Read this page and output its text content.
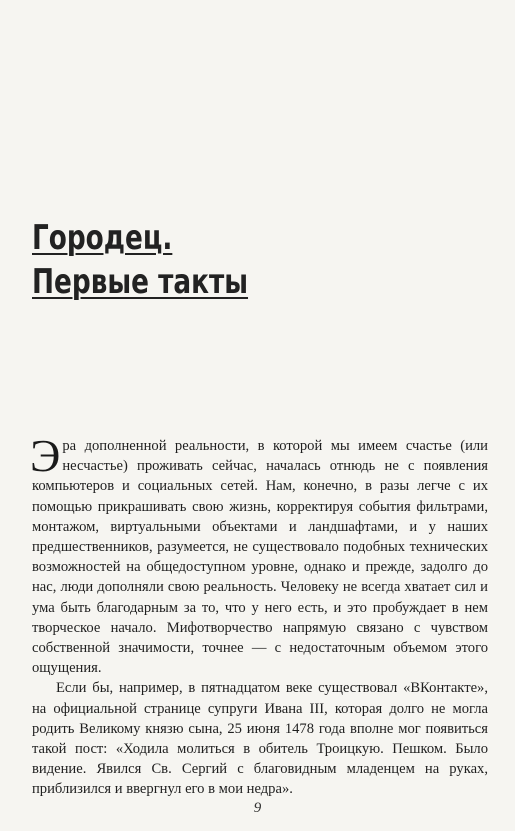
Городец.
Первые такты

Эра дополненной реальности, в которой мы имеем счастье (или несчастье) проживать сейчас, началась отнюдь не с появления компьютеров и социальных сетей. Нам, конечно, в разы легче с их помощью прикрашивать свою жизнь, корректируя события фильтрами, монтажом, виртуальными объектами и ландшафтами, и у наших предшественников, разумеется, не существовало подобных технических возможностей на общедоступном уровне, однако и прежде, задолго до нас, люди дополняли свою реальность. Человеку не всегда хватает сил и ума быть благодарным за то, что у него есть, и это пробуждает в нем творческое начало. Мифотворчество напрямую связано с чувством собственной значимости, точнее — с недостаточным объемом этого ощущения.

Если бы, например, в пятнадцатом веке существовал «ВКонтакте», на официальной странице супруги Ивана III, которая долго не могла родить Великому князю сына, 25 июня 1478 года вполне мог появиться такой пост: «Ходила молиться в обитель Троицкую. Пешком. Было видение. Явился Св. Сергий с благовидным младенцем на руках, приблизился и ввергнул его в мои недра».

9
